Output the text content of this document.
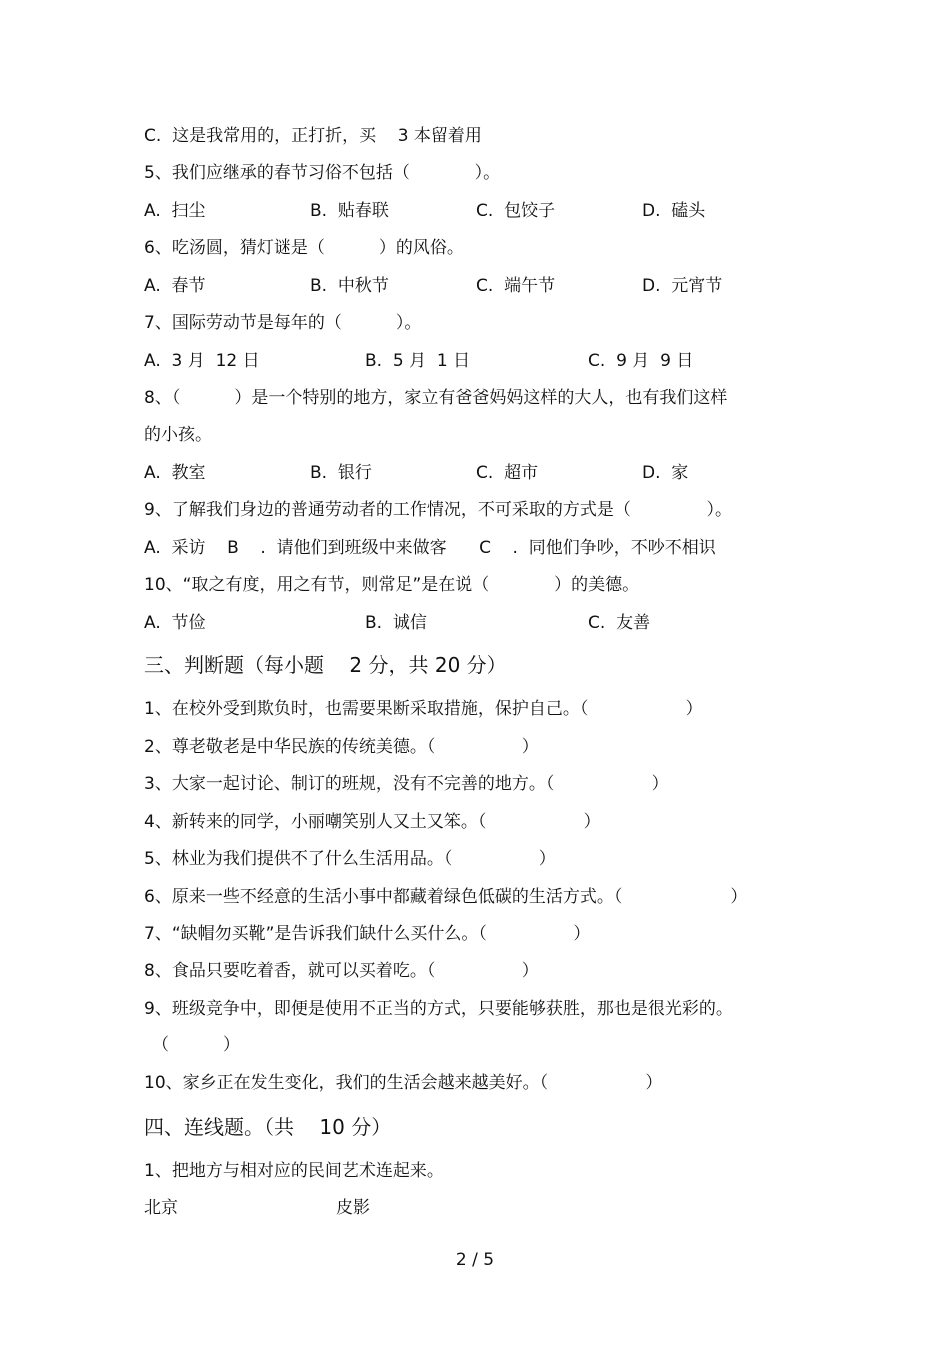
C.  这是我常用的，正打折，买    3 本留着用
5、我们应继承的春节习俗不包括（            ）。
A.  扫尘	B.  贴春联	C.  包饺子	D.  磕头
6、吃汤圆，猜灯谜是（          ）的风俗。
A.  春节	B.  中秋节	C.  端午节	D.  元宵节
7、国际劳动节是每年的（          ）。
A.  3 月  12 日	B.  5 月  1 日	C.  9 月  9 日
8、（          ）是一个特别的地方，家立有爸爸妈妈这样的大人，也有我们这样
的小孩。
A.  教室	B.  银行	C.  超市	D.  家
9、了解我们身边的普通劳动者的工作情况，不可采取的方式是（              ）。
A.  采访    B    .  请他们到班级中来做客      C    .  同他们争吵，不吵不相识
10、“取之有度，用之有节，则常足”是在说（            ）的美德。
A.  节俭	B.  诚信	C.  友善
三、判断题（每小题    2 分，共 20 分）
1、在校外受到欺负时，也需要果断采取措施，保护自己。（                  ）
2、尊老敬老是中华民族的传统美德。（                ）
3、大家一起讨论、制订的班规，没有不完善的地方。（                  ）
4、新转来的同学，小丽嘲笑别人又土又笨。（                  ）
5、林业为我们提供不了什么生活用品。（                ）
6、原来一些不经意的生活小事中都藏着绿色低碳的生活方式。（                    ）
7、“缺帽勿买靴”是告诉我们缺什么买什么。（                ）
8、食品只要吃着香，就可以买着吃。（                ）
9、班级竞争中，即便是使用不正当的方式，只要能够获胜，那也是很光彩的。
（          ）
10、家乡正在发生变化，我们的生活会越来越美好。（                  ）
四、连线题。（共    10 分）
1、把地方与相对应的民间艺术连起来。
北京	皮影
2 / 5
